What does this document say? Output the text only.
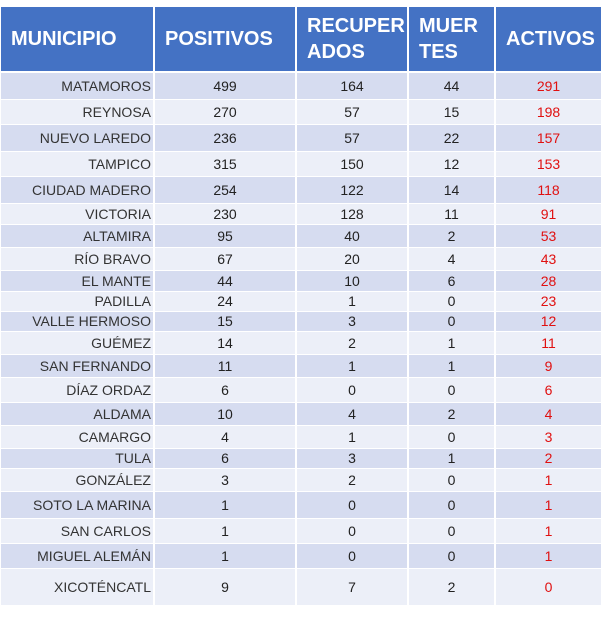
MUNICIPIO	POSITIVOS	RECUPER ADOS	MUER TES	ACTIVOS
MATAMOROS	499	164	44	291
REYNOSA	270	57	15	198
NUEVO LAREDO	236	57	22	157
TAMPICO	315	150	12	153
CIUDAD MADERO	254	122	14	118
VICTORIA	230	128	11	91
ALTAMIRA	95	40	2	53
RÍO BRAVO	67	20	4	43
EL MANTE	44	10	6	28
PADILLA	24	1	0	23
VALLE HERMOSO	15	3	0	12
GUÉMEZ	14	2	1	11
SAN FERNANDO	11	1	1	9
DÍAZ ORDAZ	6	0	0	6
ALDAMA	10	4	2	4
CAMARGO	4	1	0	3
TULA	6	3	1	2
GONZÁLEZ	3	2	0	1
SOTO LA MARINA	1	0	0	1
SAN CARLOS	1	0	0	1
MIGUEL ALEMÁN	1	0	0	1
XICOTÉNCATL	9	7	2	0
